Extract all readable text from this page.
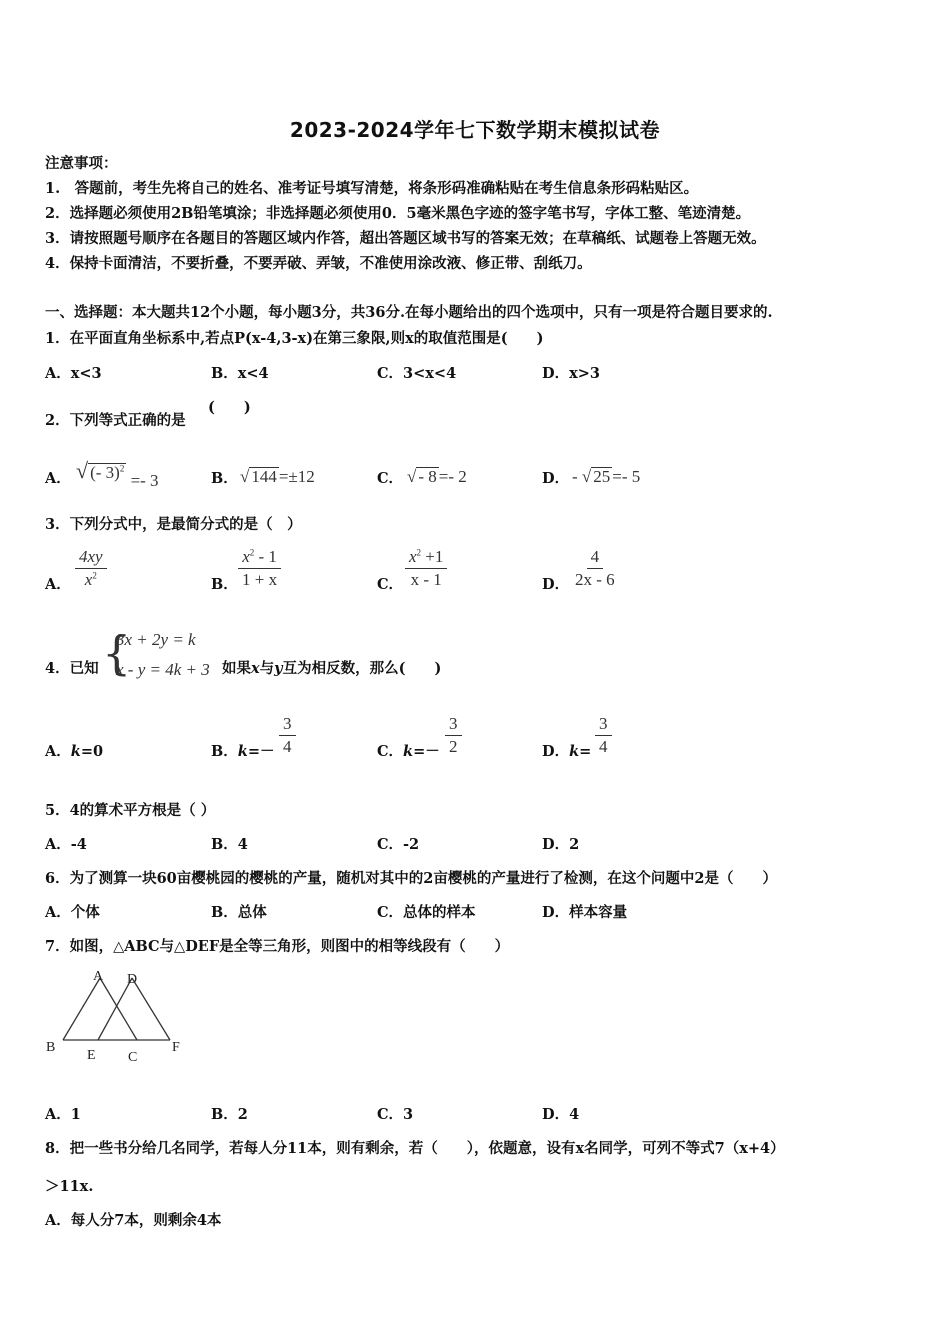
2023-2024学年七下数学期末模拟试卷
注意事项：
1.　答题前，考生先将自己的姓名、准考证号填写清楚，将条形码准确粘贴在考生信息条形码粘贴区。
2．选择题必须使用2B铅笔填涂；非选择题必须使用0．5毫米黑色字迹的签字笔书写，字体工整、笔迹清楚。
3．请按照题号顺序在各题目的答题区域内作答，超出答题区域书写的答案无效；在草稿纸、试题卷上答题无效。
4．保持卡面清洁，不要折叠，不要弄破、弄皱，不准使用涂改液、修正带、刮纸刀。
一、选择题：本大题共12个小题，每小题3分，共36分.在每小题给出的四个选项中，只有一项是符合题目要求的.
1．在平面直角坐标系中,若点P(x-4,3-x)在第三象限,则x的取值范围是(　　)
A．x<3	B．x<4	C．3<x<4	D．x>3
2．下列等式正确的是
(　　)
A． √ (- 3)$^2$ =- 3	B． √ 144 =±12	C． √ - 8 =- 2	D． - √ 25 =- 5
3．下列分式中，是最简分式的是（　）
A． $\frac{4xy}{x^2}$	B． $\frac{x^2 - 1}{1 + x}$	C． $\frac{x^2 +1}{x - 1}$	D． $\frac{4}{2x - 6}$
4．已知 {
3x + 2y = k
x - y = 4k + 3 如果x与y互为相反数，那么(　　)
A．k=0	B．$k=- \frac{3}{4}$	C．$k=- \frac{3}{2}$	D．$k= \frac{3}{4}$
5．4的算术平方根是（ ）
A．-4	B．4	C．-2	D．2
6．为了测算一块60亩樱桃园的樱桃的产量，随机对其中的2亩樱桃的产量进行了检测，在这个问题中2是（　　）
A．个体	B．总体	C．总体的样本	D．样本容量
7．如图，△ABC与△DEF是全等三角形，则图中的相等线段有（　　）
A D
B
E C
F
A．1	B．2	C．3	D．4
8．把一些书分给几名同学，若每人分11本，则有剩余，若（　　），依题意，设有x名同学，可列不等式7（x+4）
＞11x.
A．每人分7本，则剩余4本
